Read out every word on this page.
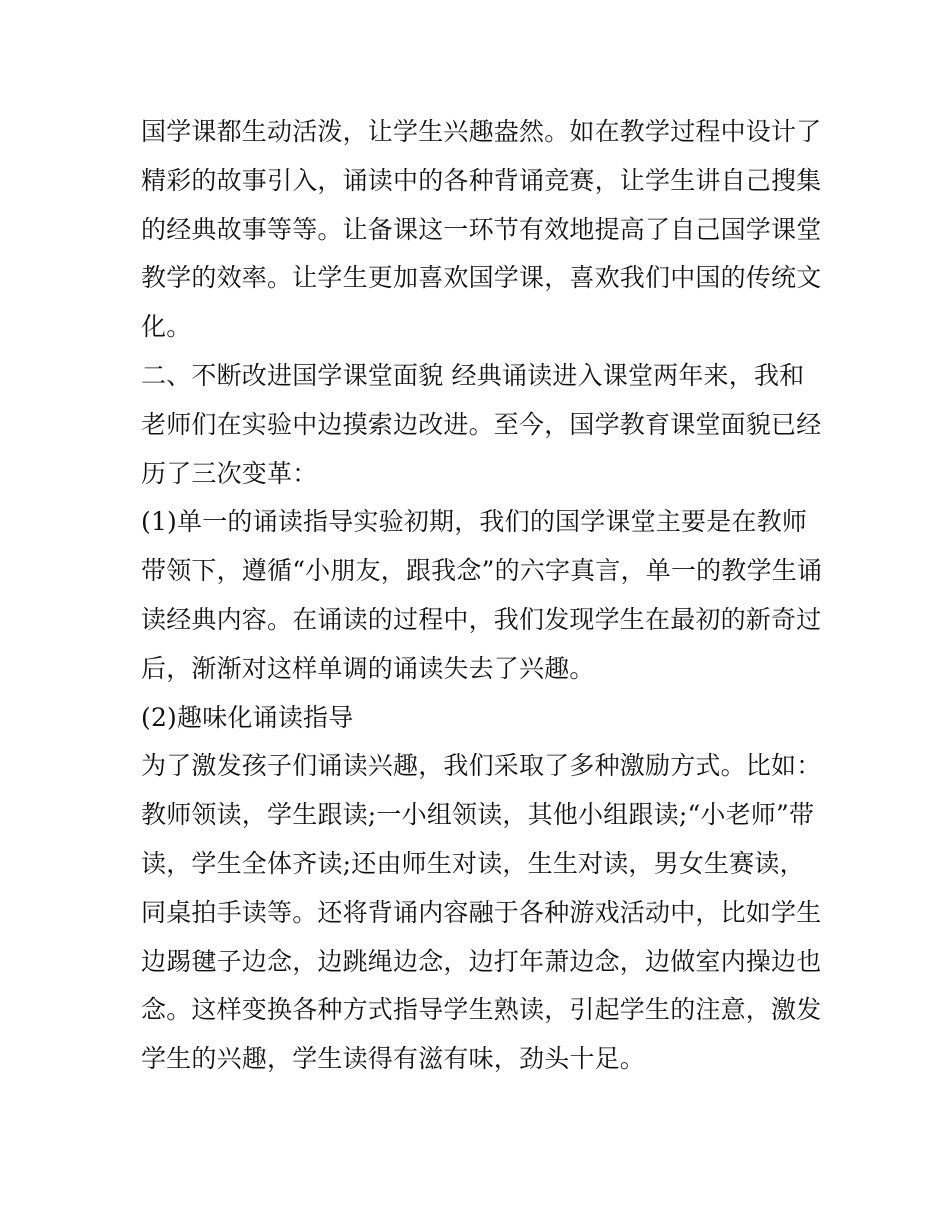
国学课都生动活泼，让学生兴趣盎然。如在教学过程中设计了
精彩的故事引入，诵读中的各种背诵竞赛，让学生讲自己搜集
的经典故事等等。让备课这一环节有效地提高了自己国学课堂
教学的效率。让学生更加喜欢国学课，喜欢我们中国的传统文
化。
二、不断改进国学课堂面貌 经典诵读进入课堂两年来，我和
老师们在实验中边摸索边改进。至今，国学教育课堂面貌已经
历了三次变革：
(1)单一的诵读指导实验初期，我们的国学课堂主要是在教师
带领下，遵循“小朋友，跟我念”的六字真言，单一的教学生诵
读经典内容。在诵读的过程中，我们发现学生在最初的新奇过
后，渐渐对这样单调的诵读失去了兴趣。
(2)趣味化诵读指导
为了激发孩子们诵读兴趣，我们采取了多种激励方式。比如：
教师领读，学生跟读;一小组领读，其他小组跟读;“小老师”带
读，学生全体齐读;还由师生对读，生生对读，男女生赛读，
同桌拍手读等。还将背诵内容融于各种游戏活动中，比如学生
边踢毽子边念，边跳绳边念，边打年萧边念，边做室内操边也
念。这样变换各种方式指导学生熟读，引起学生的注意，激发
学生的兴趣，学生读得有滋有味，劲头十足。
